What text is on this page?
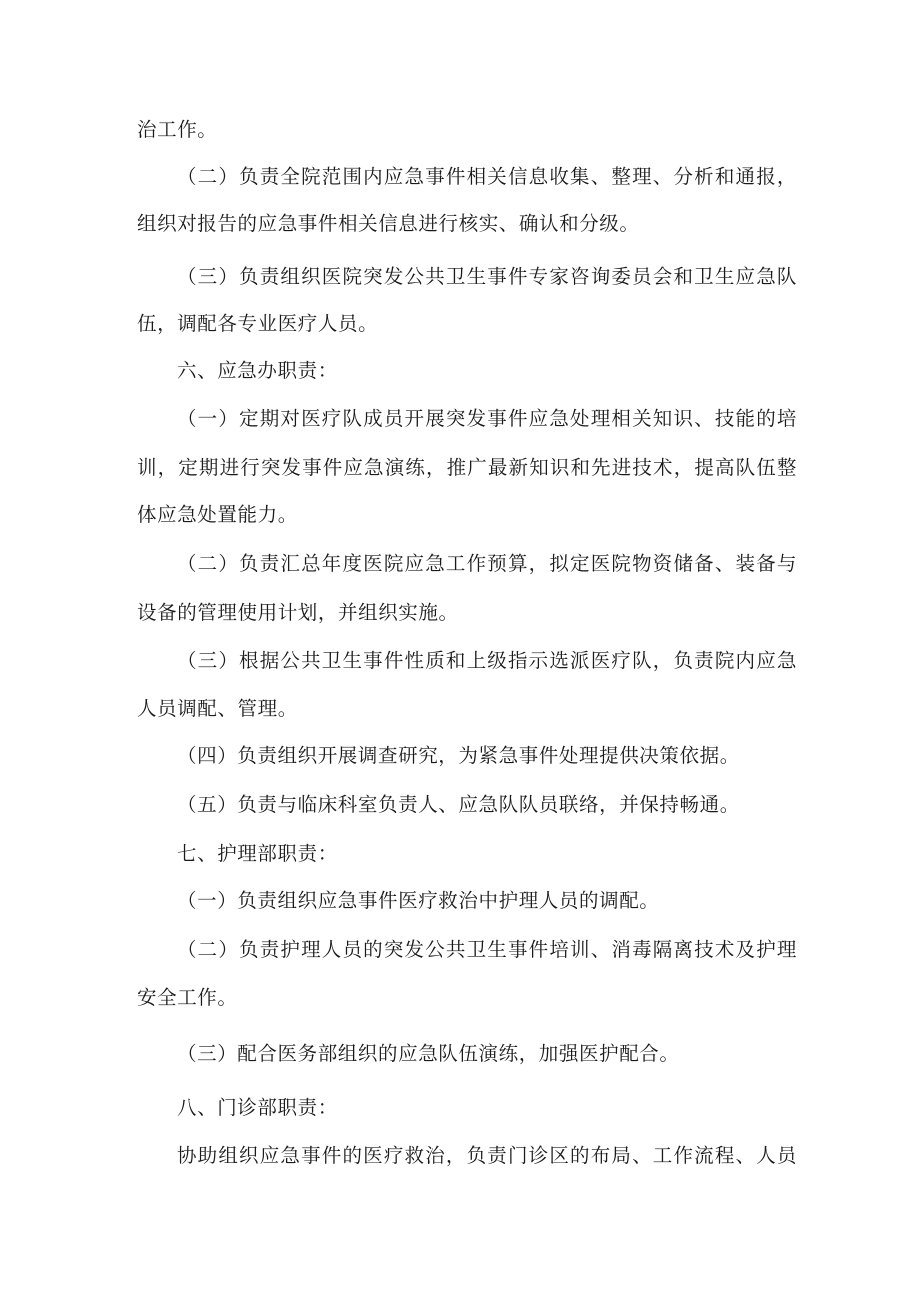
治工作。
（二）负责全院范围内应急事件相关信息收集、整理、分析和通报，
组织对报告的应急事件相关信息进行核实、确认和分级。
（三）负责组织医院突发公共卫生事件专家咨询委员会和卫生应急队
伍，调配各专业医疗人员。
六、应急办职责：
（一）定期对医疗队成员开展突发事件应急处理相关知识、技能的培
训，定期进行突发事件应急演练，推广最新知识和先进技术，提高队伍整
体应急处置能力。
（二）负责汇总年度医院应急工作预算，拟定医院物资储备、装备与
设备的管理使用计划，并组织实施。
（三）根据公共卫生事件性质和上级指示选派医疗队，负责院内应急
人员调配、管理。
（四）负责组织开展调查研究，为紧急事件处理提供决策依据。
（五）负责与临床科室负责人、应急队队员联络，并保持畅通。
七、护理部职责：
（一）负责组织应急事件医疗救治中护理人员的调配。
（二）负责护理人员的突发公共卫生事件培训、消毒隔离技术及护理
安全工作。
（三）配合医务部组织的应急队伍演练，加强医护配合。
八、门诊部职责：
协助组织应急事件的医疗救治，负责门诊区的布局、工作流程、人员
